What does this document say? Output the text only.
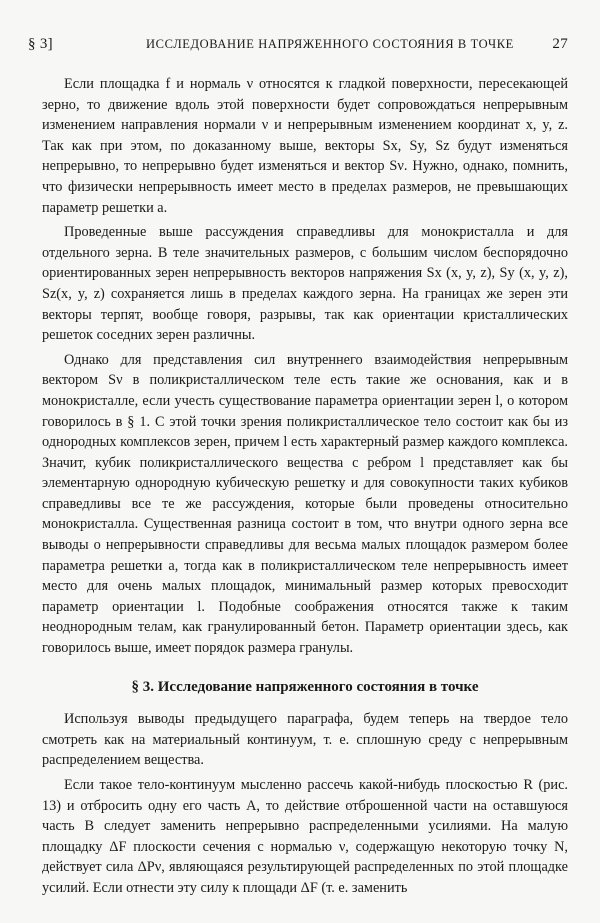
§ 3]	ИССЛЕДОВАНИЕ НАПРЯЖЕННОГО СОСТОЯНИЯ В ТОЧКЕ	27

Если площадка f и нормаль ν относятся к гладкой поверхности, пересекающей зерно, то движение вдоль этой поверхности будет сопровождаться непрерывным изменением направления нормали ν и непрерывным изменением координат x, y, z. Так как при этом, по доказанному выше, векторы Sx, Sy, Sz будут изменяться непрерывно, то непрерывно будет изменяться и вектор Sν. Нужно, однако, помнить, что физически непрерывность имеет место в пределах размеров, не превышающих параметр решетки a.

Проведенные выше рассуждения справедливы для монокристалла и для отдельного зерна. В теле значительных размеров, с большим числом беспорядочно ориентированных зерен непрерывность векторов напряжения Sx (x, y, z), Sy (x, y, z), Sz(x, y, z) сохраняется лишь в пределах каждого зерна. На границах же зерен эти векторы терпят, вообще говоря, разрывы, так как ориентации кристаллических решеток соседних зерен различны.

Однако для представления сил внутреннего взаимодействия непрерывным вектором Sν в поликристаллическом теле есть такие же основания, как и в монокристалле, если учесть существование параметра ориентации зерен l, о котором говорилось в § 1. С этой точки зрения поликристаллическое тело состоит как бы из однородных комплексов зерен, причем l есть характерный размер каждого комплекса. Значит, кубик поликристаллического вещества с ребром l представляет как бы элементарную однородную кубическую решетку и для совокупности таких кубиков справедливы все те же рассуждения, которые были проведены относительно монокристалла. Существенная разница состоит в том, что внутри одного зерна все выводы о непрерывности справедливы для весьма малых площадок размером более параметра решетки a, тогда как в поликристаллическом теле непрерывность имеет место для очень малых площадок, минимальный размер которых превосходит параметр ориентации l. Подобные соображения относятся также к таким неоднородным телам, как гранулированный бетон. Параметр ориентации здесь, как говорилось выше, имеет порядок размера гранулы.

§ 3. Исследование напряженного состояния в точке

Используя выводы предыдущего параграфа, будем теперь на твердое тело смотреть как на материальный континуум, т. е. сплошную среду с непрерывным распределением вещества.

Если такое тело-континуум мысленно рассечь какой-нибудь плоскостью R (рис. 13) и отбросить одну его часть A, то действие отброшенной части на оставшуюся часть B следует заменить непрерывно распределенными усилиями. На малую площадку ΔF плоскости сечения с нормалью ν, содержащую некоторую точку N, действует сила ΔPν, являющаяся результирующей распределенных по этой площадке усилий. Если отнести эту силу к площади ΔF (т. е. заменить
